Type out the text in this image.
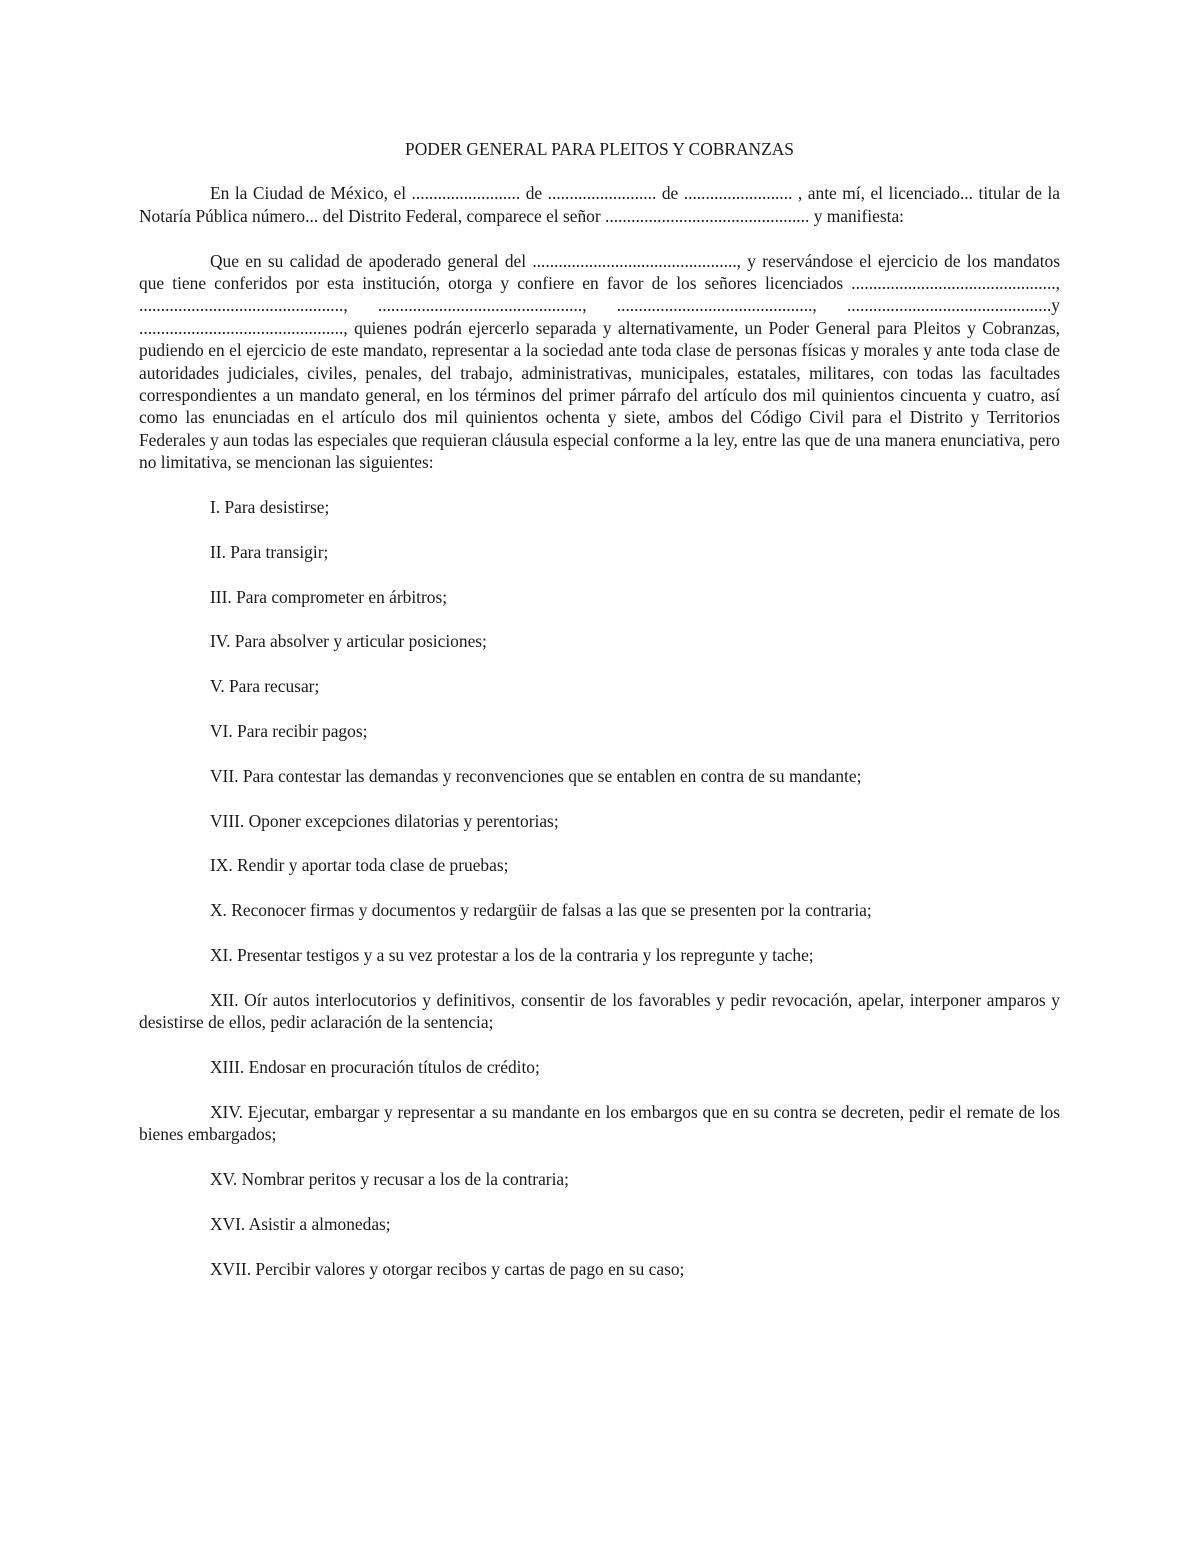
PODER GENERAL PARA PLEITOS Y COBRANZAS

En la Ciudad de México, el ......................... de ......................... de ......................... , ante mí, el licenciado... titular de la Notaría Pública número... del Distrito Federal, comparece el señor ............................................... y manifiesta:

Que en su calidad de apoderado general del ..............................................., y reservándose el ejercicio de los mandatos que tiene conferidos por esta institución, otorga y confiere en favor de los señores licenciados ..............................................., ..............................................., ..............................................., ............................................., ...............................................y ..............................................., quienes podrán ejercerlo separada y alternativamente, un Poder General para Pleitos y Cobranzas, pudiendo en el ejercicio de este mandato, representar a la sociedad ante toda clase de personas físicas y morales y ante toda clase de autoridades judiciales, civiles, penales, del trabajo, administrativas, municipales, estatales, militares, con todas las facultades correspondientes a un mandato general, en los términos del primer párrafo del artículo dos mil quinientos cincuenta y cuatro, así como las enunciadas en el artículo dos mil quinientos ochenta y siete, ambos del Código Civil para el Distrito y Territorios Federales y aun todas las especiales que requieran cláusula especial conforme a la ley, entre las que de una manera enunciativa, pero no limitativa, se mencionan las siguientes:

I. Para desistirse;

II. Para transigir;

III. Para comprometer en árbitros;

IV. Para absolver y articular posiciones;

V. Para recusar;

VI. Para recibir pagos;

VII. Para contestar las demandas y reconvenciones que se entablen en contra de su mandante;

VIII. Oponer excepciones dilatorias y perentorias;

IX. Rendir y aportar toda clase de pruebas;

X. Reconocer firmas y documentos y redargüir de falsas a las que se presenten por la contraria;

XI. Presentar testigos y a su vez protestar a los de la contraria y los repregunte y tache;

XII. Oír autos interlocutorios y definitivos, consentir de los favorables y pedir revocación, apelar, interponer amparos y desistirse de ellos, pedir aclaración de la sentencia;

XIII. Endosar en procuración títulos de crédito;

XIV. Ejecutar, embargar y representar a su mandante en los embargos que en su contra se decreten, pedir el remate de los bienes embargados;

XV. Nombrar peritos y recusar a los de la contraria;

XVI. Asistir a almonedas;

XVII. Percibir valores y otorgar recibos y cartas de pago en su caso;
